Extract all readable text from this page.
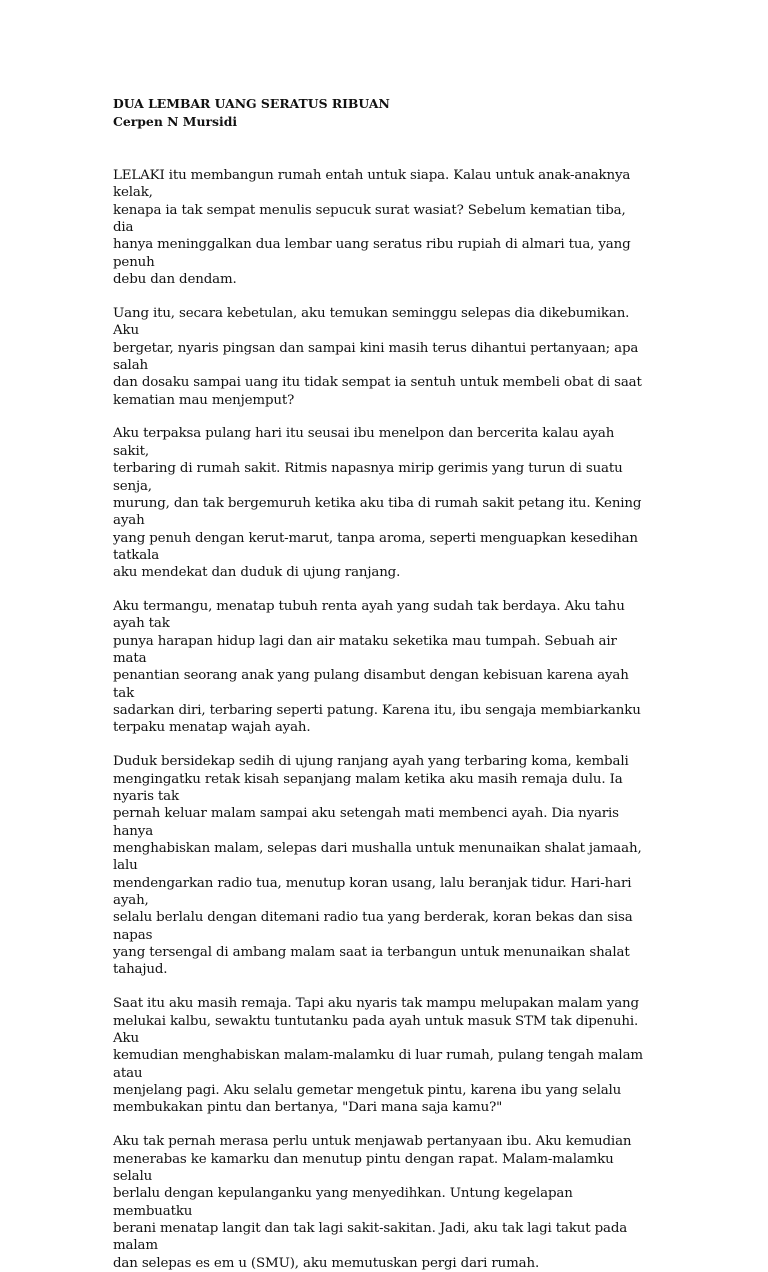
DUA LEMBAR UANG SERATUS RIBUAN
Cerpen N Mursidi

LELAKI itu membangun rumah entah untuk siapa. Kalau untuk anak-anaknya kelak,
kenapa ia tak sempat menulis sepucuk surat wasiat? Sebelum kematian tiba, dia
hanya meninggalkan dua lembar uang seratus ribu rupiah di almari tua, yang penuh
debu dan dendam.

Uang itu, secara kebetulan, aku temukan seminggu selepas dia dikebumikan. Aku
bergetar, nyaris pingsan dan sampai kini masih terus dihantui pertanyaan; apa salah
dan dosaku sampai uang itu tidak sempat ia sentuh untuk membeli obat di saat
kematian mau menjemput?

Aku terpaksa pulang hari itu seusai ibu menelpon dan bercerita kalau ayah sakit,
terbaring di rumah sakit. Ritmis napasnya mirip gerimis yang turun di suatu senja,
murung, dan tak bergemuruh ketika aku tiba di rumah sakit petang itu. Kening ayah
yang penuh dengan kerut-marut, tanpa aroma, seperti menguapkan kesedihan tatkala
aku mendekat dan duduk di ujung ranjang.

Aku termangu, menatap tubuh renta ayah yang sudah tak berdaya. Aku tahu ayah tak
punya harapan hidup lagi dan air mataku seketika mau tumpah. Sebuah air mata
penantian seorang anak yang pulang disambut dengan kebisuan karena ayah tak
sadarkan diri, terbaring seperti patung. Karena itu, ibu sengaja membiarkanku
terpaku menatap wajah ayah.

Duduk bersidekap sedih di ujung ranjang ayah yang terbaring koma, kembali
mengingatku retak kisah sepanjang malam ketika aku masih remaja dulu. Ia nyaris tak
pernah keluar malam sampai aku setengah mati membenci ayah. Dia nyaris hanya
menghabiskan malam, selepas dari mushalla untuk menunaikan shalat jamaah, lalu
mendengarkan radio tua, menutup koran usang, lalu beranjak tidur. Hari-hari ayah,
selalu berlalu dengan ditemani radio tua yang berderak, koran bekas dan sisa napas
yang tersengal di ambang malam saat ia terbangun untuk menunaikan shalat tahajud.

Saat itu aku masih remaja. Tapi aku nyaris tak mampu melupakan malam yang
melukai kalbu, sewaktu tuntutanku pada ayah untuk masuk STM tak dipenuhi. Aku
kemudian menghabiskan malam-malamku di luar rumah, pulang tengah malam atau
menjelang pagi. Aku selalu gemetar mengetuk pintu, karena ibu yang selalu
membukakan pintu dan bertanya, "Dari mana saja kamu?"

Aku tak pernah merasa perlu untuk menjawab pertanyaan ibu. Aku kemudian
menerabas ke kamarku dan menutup pintu dengan rapat. Malam-malamku selalu
berlalu dengan kepulanganku yang menyedihkan. Untung kegelapan membuatku
berani menatap langit dan tak lagi sakit-sakitan. Jadi, aku tak lagi takut pada malam
dan selepas es em u (SMU), aku memutuskan pergi dari rumah.
